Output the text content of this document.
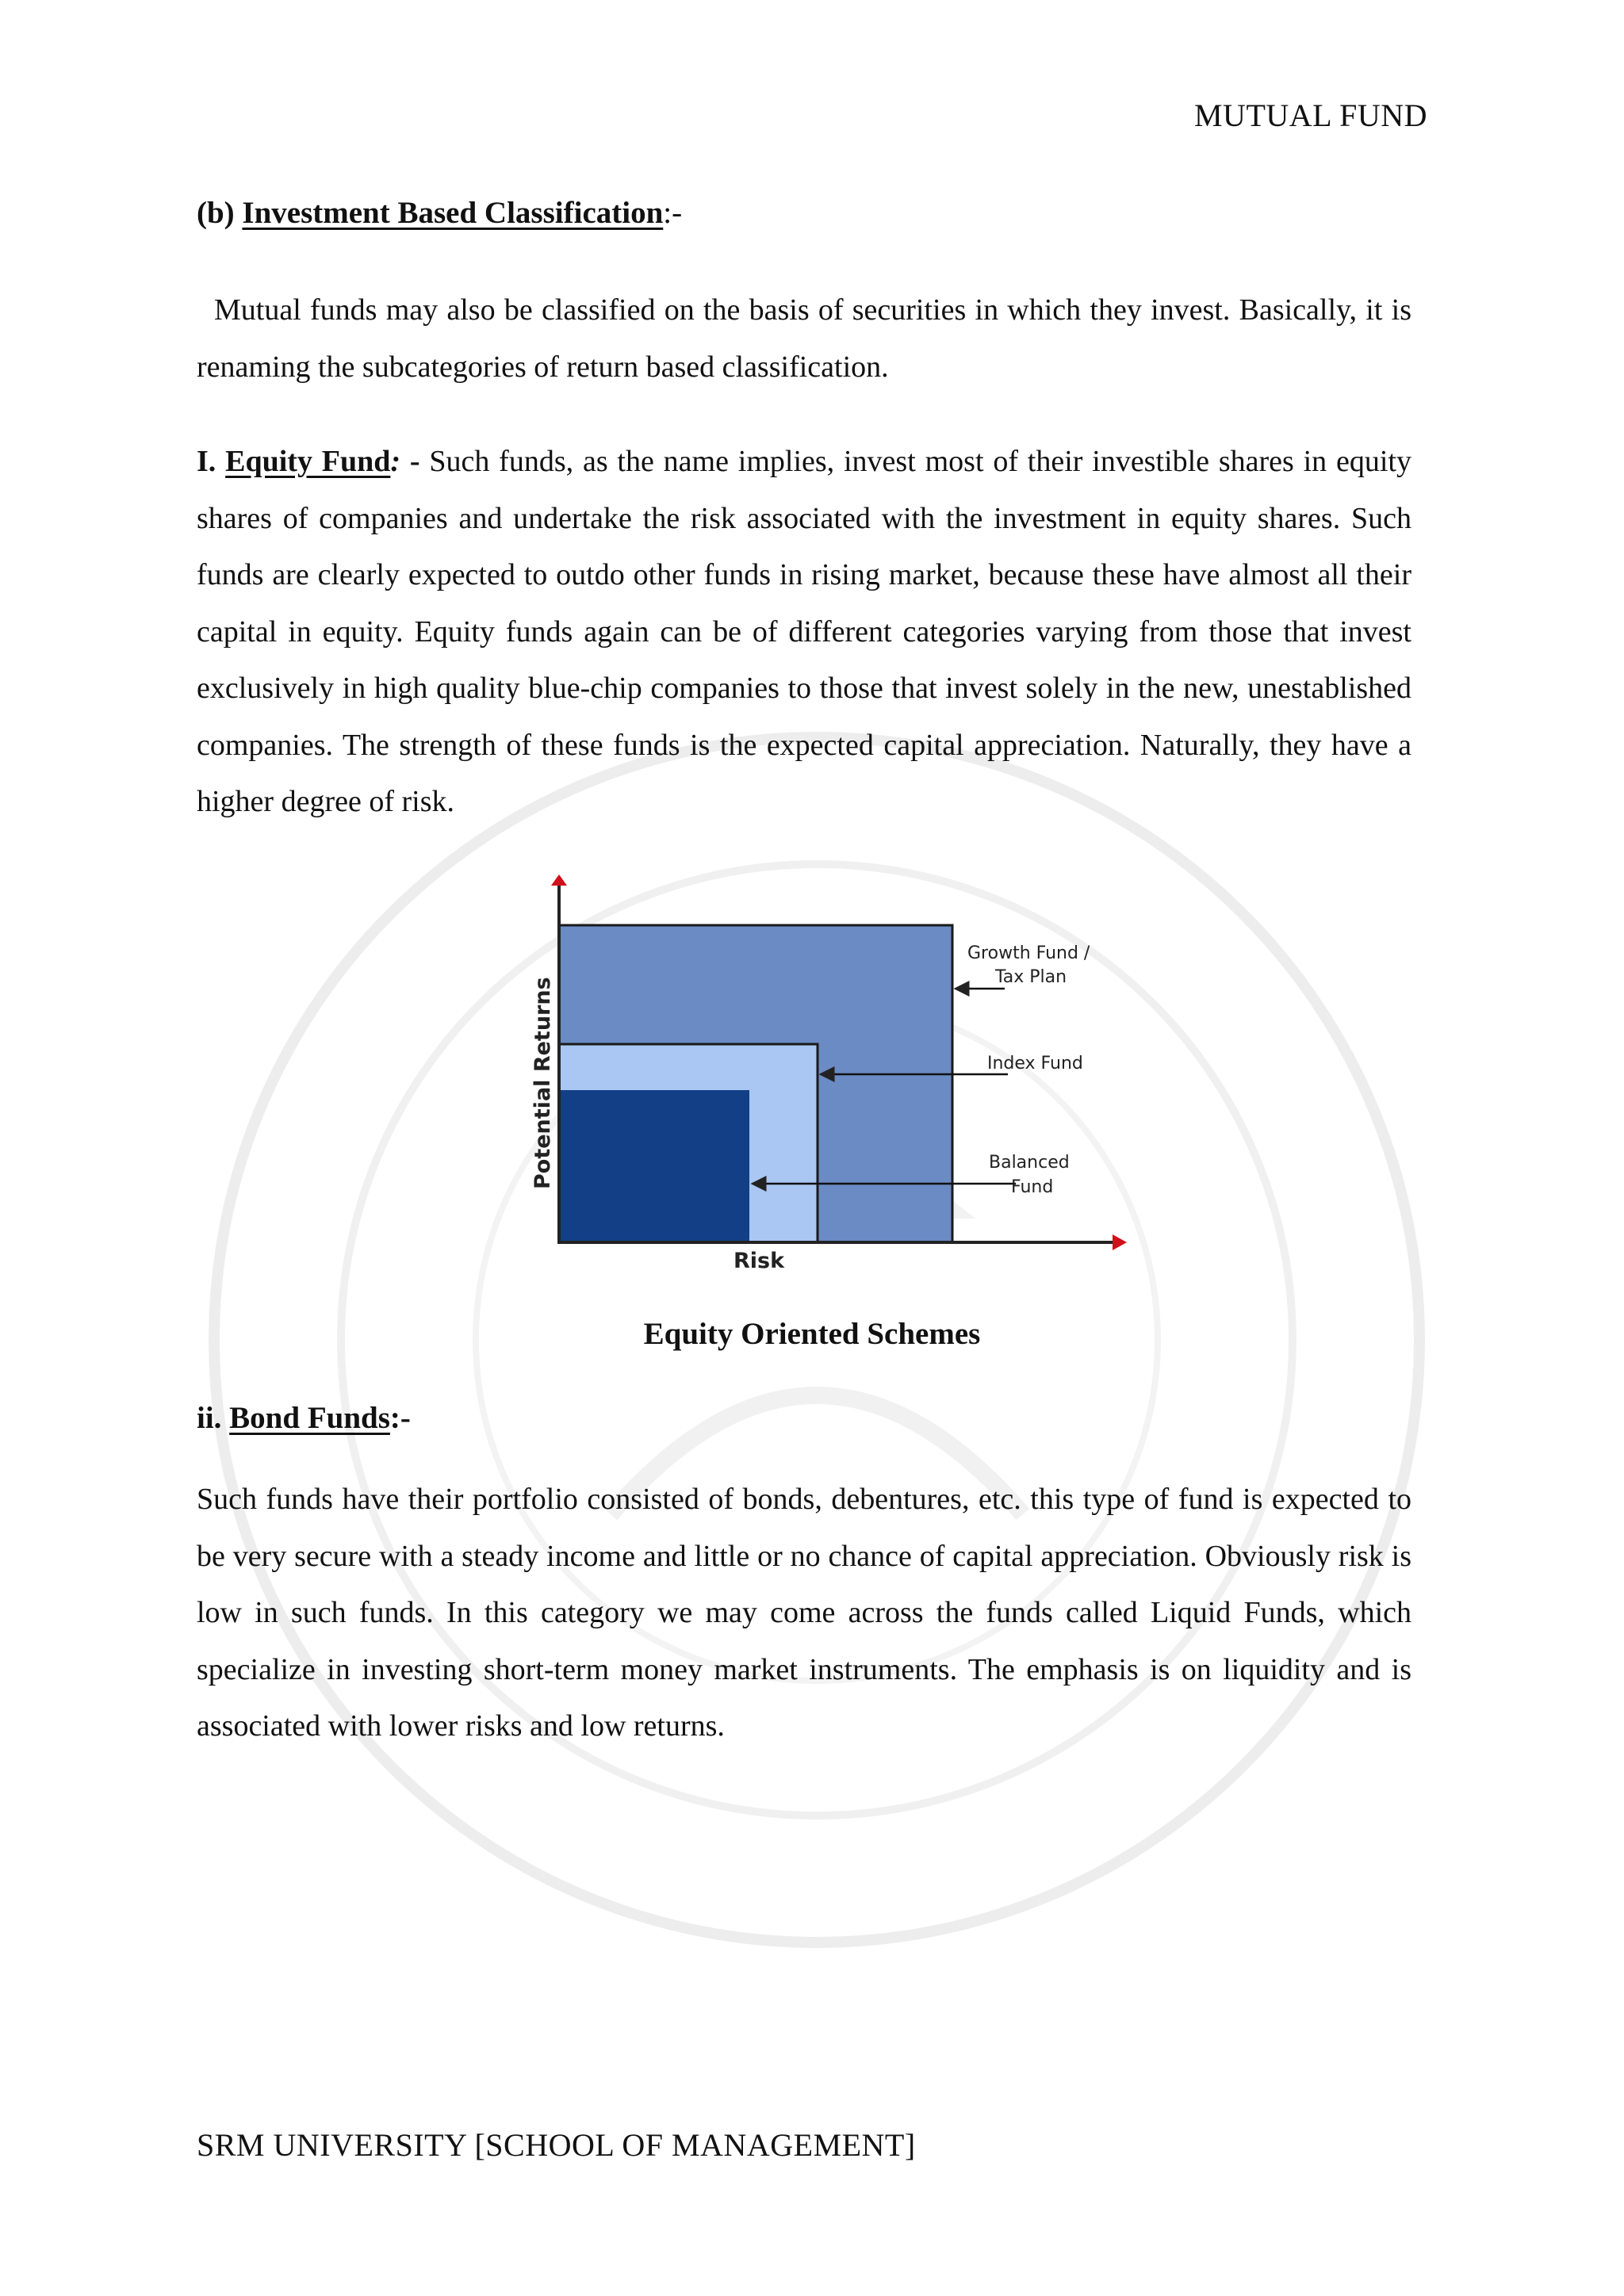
MUTUAL FUND
(b) Investment Based Classification:-
Mutual funds may also be classified on the basis of securities in which they invest. Basically, it is renaming the subcategories of return based classification.
I. Equity Fund: - Such funds, as the name implies, invest most of their investible shares in equity shares of companies and undertake the risk associated with the investment in equity shares. Such funds are clearly expected to outdo other funds in rising market, because these have almost all their capital in equity. Equity funds again can be of different categories varying from those that invest exclusively in high quality blue-chip companies to those that invest solely in the new, unestablished companies. The strength of these funds is the expected capital appreciation. Naturally, they have a higher degree of risk.
Growth Fund /
Tax Plan
Index Fund
Balanced
Fund
Risk
Potential Returns
Equity Oriented Schemes
ii. Bond Funds:-
Such funds have their portfolio consisted of bonds, debentures, etc. this type of fund is expected to be very secure with a steady income and little or no chance of capital appreciation. Obviously risk is low in such funds. In this category we may come across the funds called Liquid Funds, which specialize in investing short-term money market instruments. The emphasis is on liquidity and is associated with lower risks and low returns.
SRM UNIVERSITY [SCHOOL OF MANAGEMENT]
